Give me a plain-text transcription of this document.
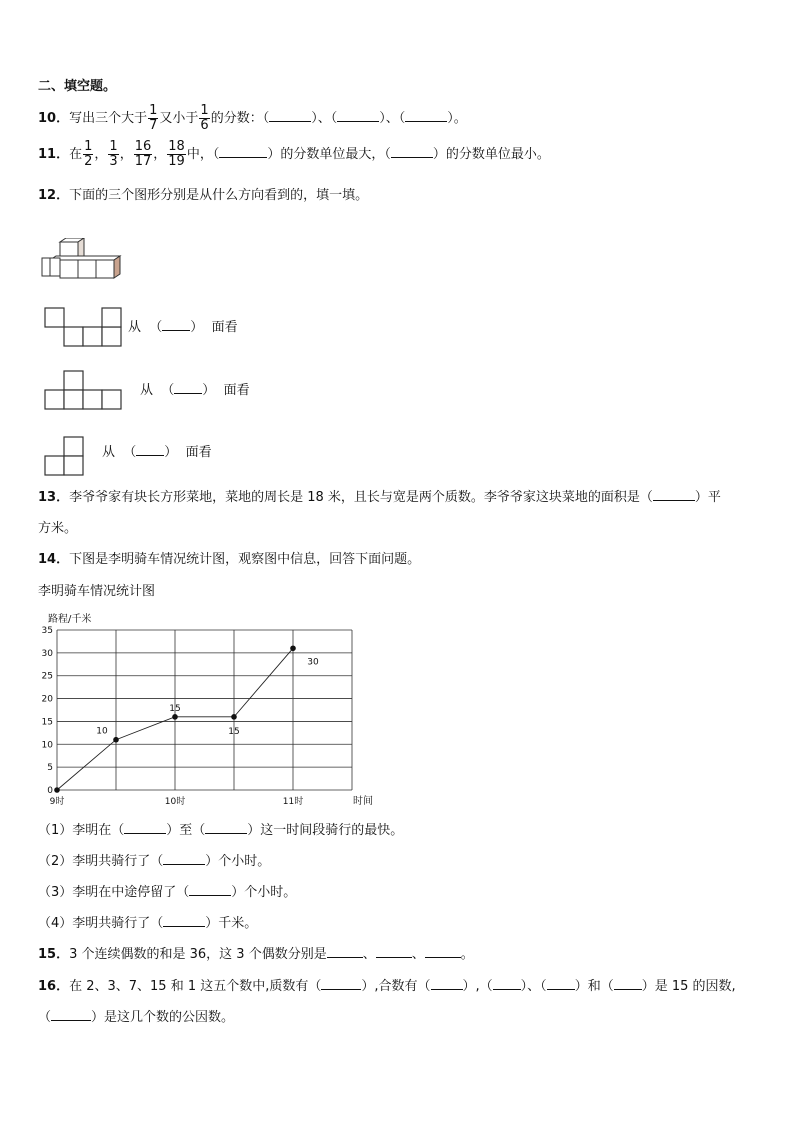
二、填空题。
10．写出三个大于 $\frac{1}{7}$ 又小于 $\frac{1}{6}$ 的分数：（	）、（	）、（	）。
11．在 $\frac{1}{2}$ ， $\frac{1}{3}$ ， $\frac{16}{17}$ ， $\frac{18}{19}$ 中，（	）的分数单位最大，（	）的分数单位最小。
12．下面的三个图形分别是从什么方向看到的，填一填。
从 （ ） 面看
从 （ ） 面看
从 （ ） 面看
13．李爷爷家有块长方形菜地，菜地的周长是 18 米，且长与宽是两个质数。李爷爷家这块菜地的面积是（	）平
方米。
14．下图是李明骑车情况统计图，观察图中信息，回答下面问题。
李明骑车情况统计图
0
5
10
15
20
25
30
35
9时	10时	11时
10
15
15
30
路程/千米
时间
（1）李明在（	）至（	）这一时间段骑行的最快。
（2）李明共骑行了（	）个小时。
（3）李明在中途停留了（	）个小时。
（4）李明共骑行了（	）千米。
15．3 个连续偶数的和是 36，这 3 个偶数分别是	、	、	。
16．在 2、3、7、15 和 1 这五个数中,质数有（	）,合数有（ ）,（ ）、（ ）和（ ）是 15 的因数,
（	）是这几个数的公因数。
